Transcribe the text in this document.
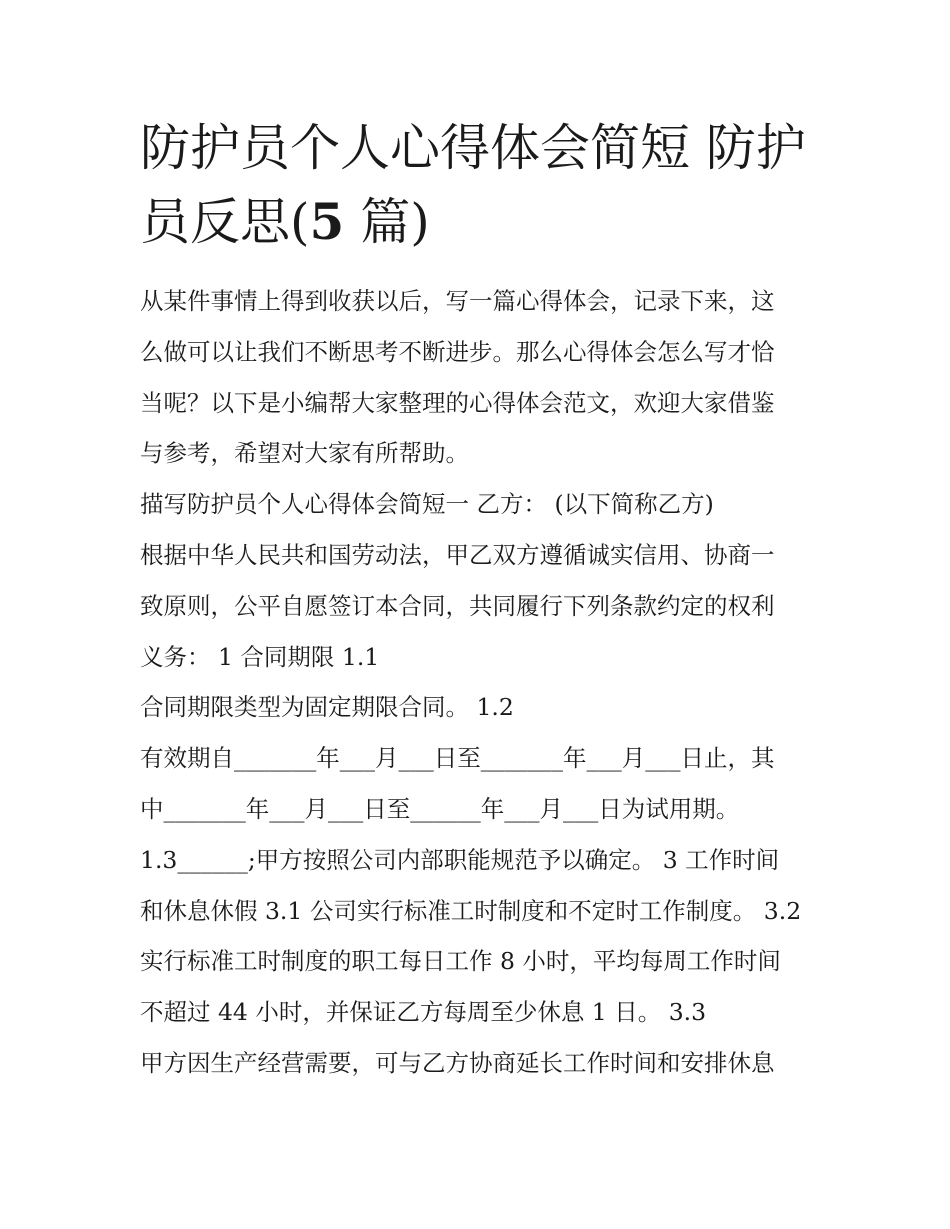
防护员个人心得体会简短 防护
员反思(5 篇)
从某件事情上得到收获以后，写一篇心得体会，记录下来，这
么做可以让我们不断思考不断进步。那么心得体会怎么写才恰
当呢？以下是小编帮大家整理的心得体会范文，欢迎大家借鉴
与参考，希望对大家有所帮助。
描写防护员个人心得体会简短一 乙方： (以下简称乙方)
根据中华人民共和国劳动法，甲乙双方遵循诚实信用、协商一
致原则，公平自愿签订本合同，共同履行下列条款约定的权利
义务： 1 合同期限 1.1
合同期限类型为固定期限合同。 1.2
有效期自_______年___月___日至_______年___月___日止，其
中_______年___月___日至______年___月___日为试用期。
1.3______;甲方按照公司内部职能规范予以确定。 3 工作时间
和休息休假 3.1 公司实行标准工时制度和不定时工作制度。 3.2
实行标准工时制度的职工每日工作 8 小时，平均每周工作时间
不超过 44 小时，并保证乙方每周至少休息 1 日。 3.3
甲方因生产经营需要，可与乙方协商延长工作时间和安排休息
